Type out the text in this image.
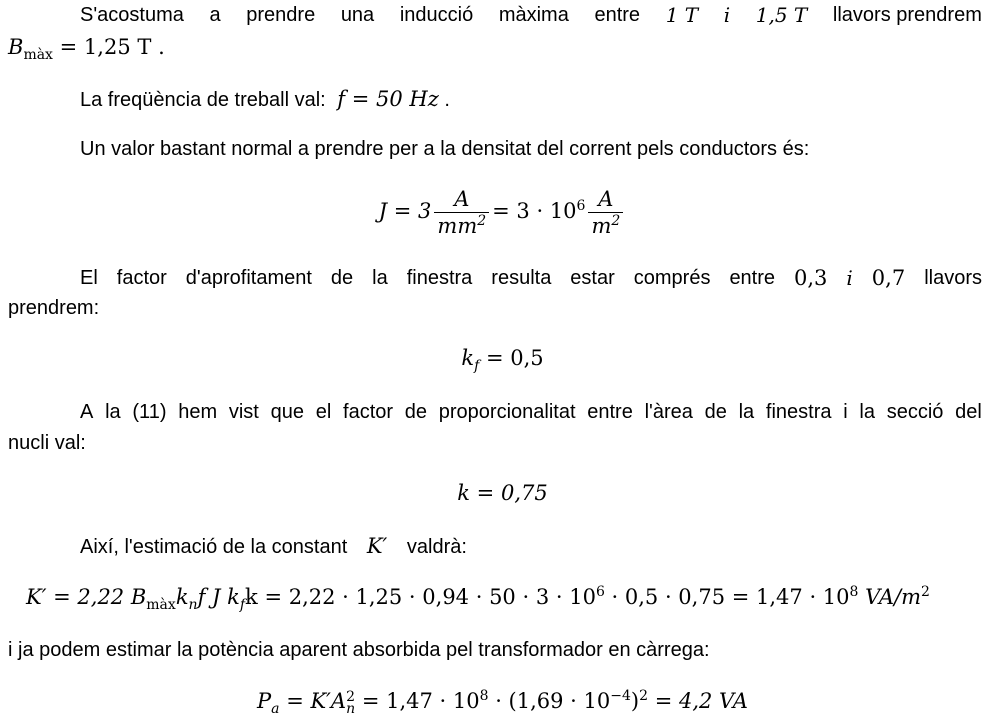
S'acostuma a prendre una inducció màxima entre 1 T i 1,5 T llavors prendrem
$B_{màx} = 1,25$ T .
La freqüència de treball val: f = 50 Hz .
Un valor bastant normal a prendre per a la densitat del corrent pels conductors és:
$J = 3 \frac{A}{mm^2} = 3 \cdot 10^6 \frac{A}{m^2}$
El factor d'aprofitament de la finestra resulta estar comprés entre 0,3 i 0,7 llavors
prendrem:
$k_f = 0,5$
A la (11) hem vist que el factor de proporcionalitat entre l'àrea de la finestra i la secció del
nucli val:
k = 0,75
Així, l'estimació de la constant K′ valdrà:
K′ = 2,22 $B_{màx}k_nf$ J $k_fk = 2,22 \cdot 1,25 \cdot 0,94 \cdot 50 \cdot 3 \cdot 10^6 \cdot 0,5 \cdot 0,75 = 1,47 \cdot 10^8$ $VA/m^2$
i ja podem estimar la potència aparent absorbida pel transformador en càrrega:
$P_a = K'A$ 2
$n = 1,47 \cdot 10^8 \cdot (1,69 \cdot 10^{-4})^2 = 4,2$ VA
